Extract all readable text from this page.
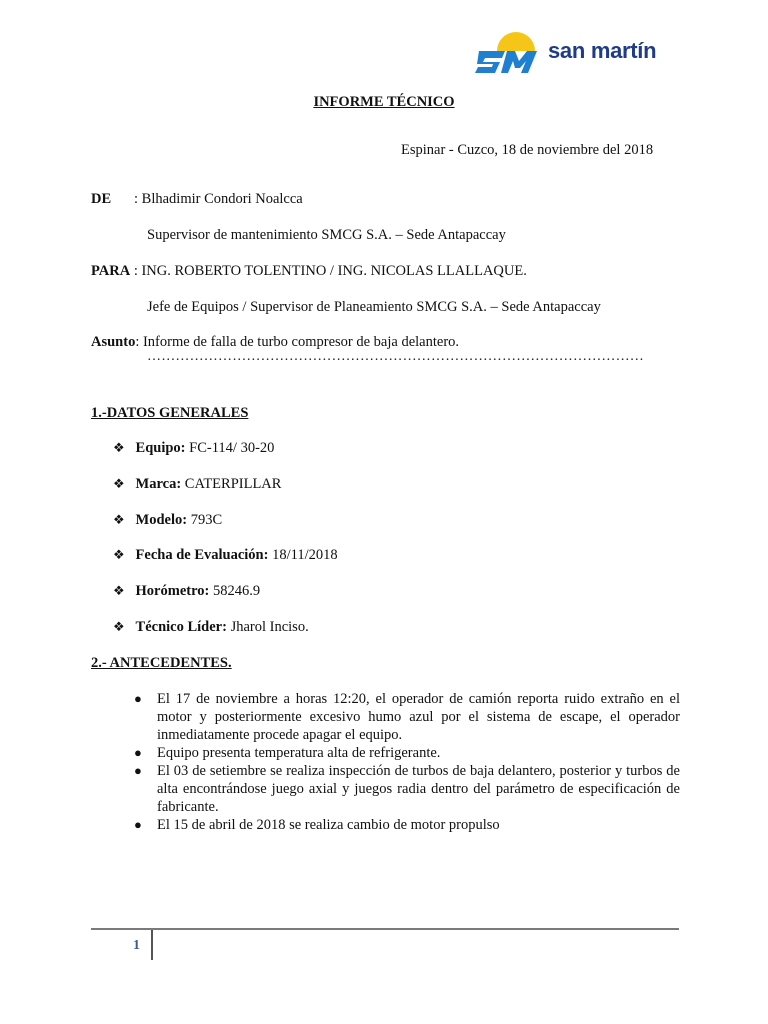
san martín
INFORME TÉCNICO
Espinar - Cuzco, 18 de noviembre del 2018
DE : Blhadimir Condori Noalcca
Supervisor de mantenimiento SMCG S.A. – Sede Antapaccay
PARA : ING. ROBERTO TOLENTINO / ING. NICOLAS LLALLAQUE.
Jefe de Equipos / Supervisor de Planeamiento SMCG S.A. – Sede Antapaccay
Asunto: Informe de falla de turbo compresor de baja delantero.
……………………………………………………………………………………………
1.-DATOS GENERALES
❖ Equipo: FC-114/ 30-20
❖ Marca: CATERPILLAR
❖ Modelo: 793C
❖ Fecha de Evaluación: 18/11/2018
❖ Horómetro: 58246.9
❖ Técnico Líder: Jharol Inciso.
2.- ANTECEDENTES.
● El 17 de noviembre a horas 12:20, el operador de camión reporta ruido extraño en el motor y posteriormente excesivo humo azul por el sistema de escape, el operador inmediatamente procede apagar el equipo.
● Equipo presenta temperatura alta de refrigerante.
● El 03 de setiembre se realiza inspección de turbos de baja delantero, posterior y turbos de alta encontrándose juego axial y juegos radia dentro del parámetro de especificación de fabricante.
● El 15 de abril de 2018 se realiza cambio de motor propulso
1
